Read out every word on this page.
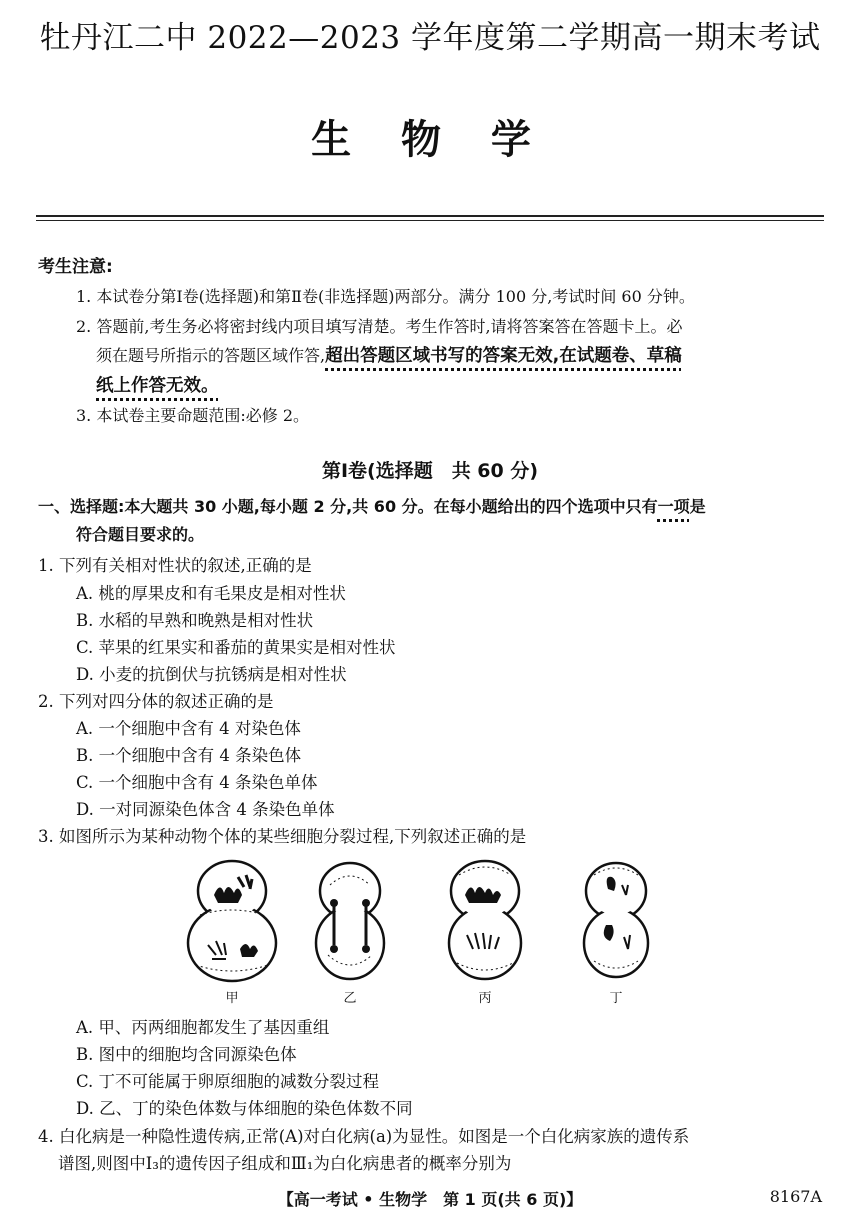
牡丹江二中 2022—2023 学年度第二学期高一期末考试
生 物 学
考生注意:
1. 本试卷分第Ⅰ卷(选择题)和第Ⅱ卷(非选择题)两部分。满分 100 分,考试时间 60 分钟。
2. 答题前,考生务必将密封线内项目填写清楚。考生作答时,请将答案答在答题卡上。必
须在题号所指示的答题区域作答,超出答题区域书写的答案无效,在试题卷、草稿
纸上作答无效。
3. 本试卷主要命题范围:必修 2。
第Ⅰ卷(选择题　共 60 分)
一、选择题:本大题共 30 小题,每小题 2 分,共 60 分。在每小题给出的四个选项中只有一项是
符合题目要求的。
1. 下列有关相对性状的叙述,正确的是
A. 桃的厚果皮和有毛果皮是相对性状
B. 水稻的早熟和晚熟是相对性状
C. 苹果的红果实和番茄的黄果实是相对性状
D. 小麦的抗倒伏与抗锈病是相对性状
2. 下列对四分体的叙述正确的是
A. 一个细胞中含有 4 对染色体
B. 一个细胞中含有 4 条染色体
C. 一个细胞中含有 4 条染色单体
D. 一对同源染色体含 4 条染色单体
3. 如图所示为某种动物个体的某些细胞分裂过程,下列叙述正确的是
甲	乙	丙	丁
A. 甲、丙两细胞都发生了基因重组
B. 图中的细胞均含同源染色体
C. 丁不可能属于卵原细胞的减数分裂过程
D. 乙、丁的染色体数与体细胞的染色体数不同
4. 白化病是一种隐性遗传病,正常(A)对白化病(a)为显性。如图是一个白化病家族的遗传系
谱图,则图中Ⅰ₃的遗传因子组成和Ⅲ₁为白化病患者的概率分别为
【高一考试 • 生物学　第 1 页(共 6 页)】	8167A
